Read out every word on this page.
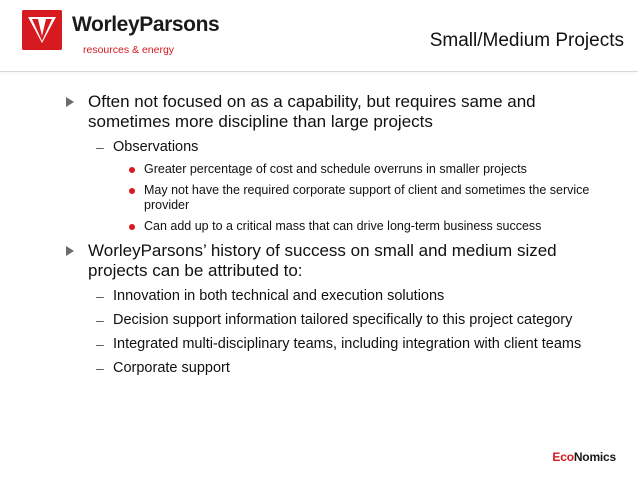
WorleyParsons
resources & energy	Small/Medium Projects
Often not focused on as a capability, but requires same and sometimes more discipline than large projects
– Observations
Greater percentage of cost and schedule overruns in smaller projects
May not have the required corporate support of client and sometimes the service provider
Can add up to a critical mass that can drive long-term business success
WorleyParsons’ history of success on small and medium sized projects can be attributed to:
– Innovation in both technical and execution solutions
– Decision support information tailored specifically to this project category
– Integrated multi-disciplinary teams, including integration with client teams
– Corporate support
EcoNomics
